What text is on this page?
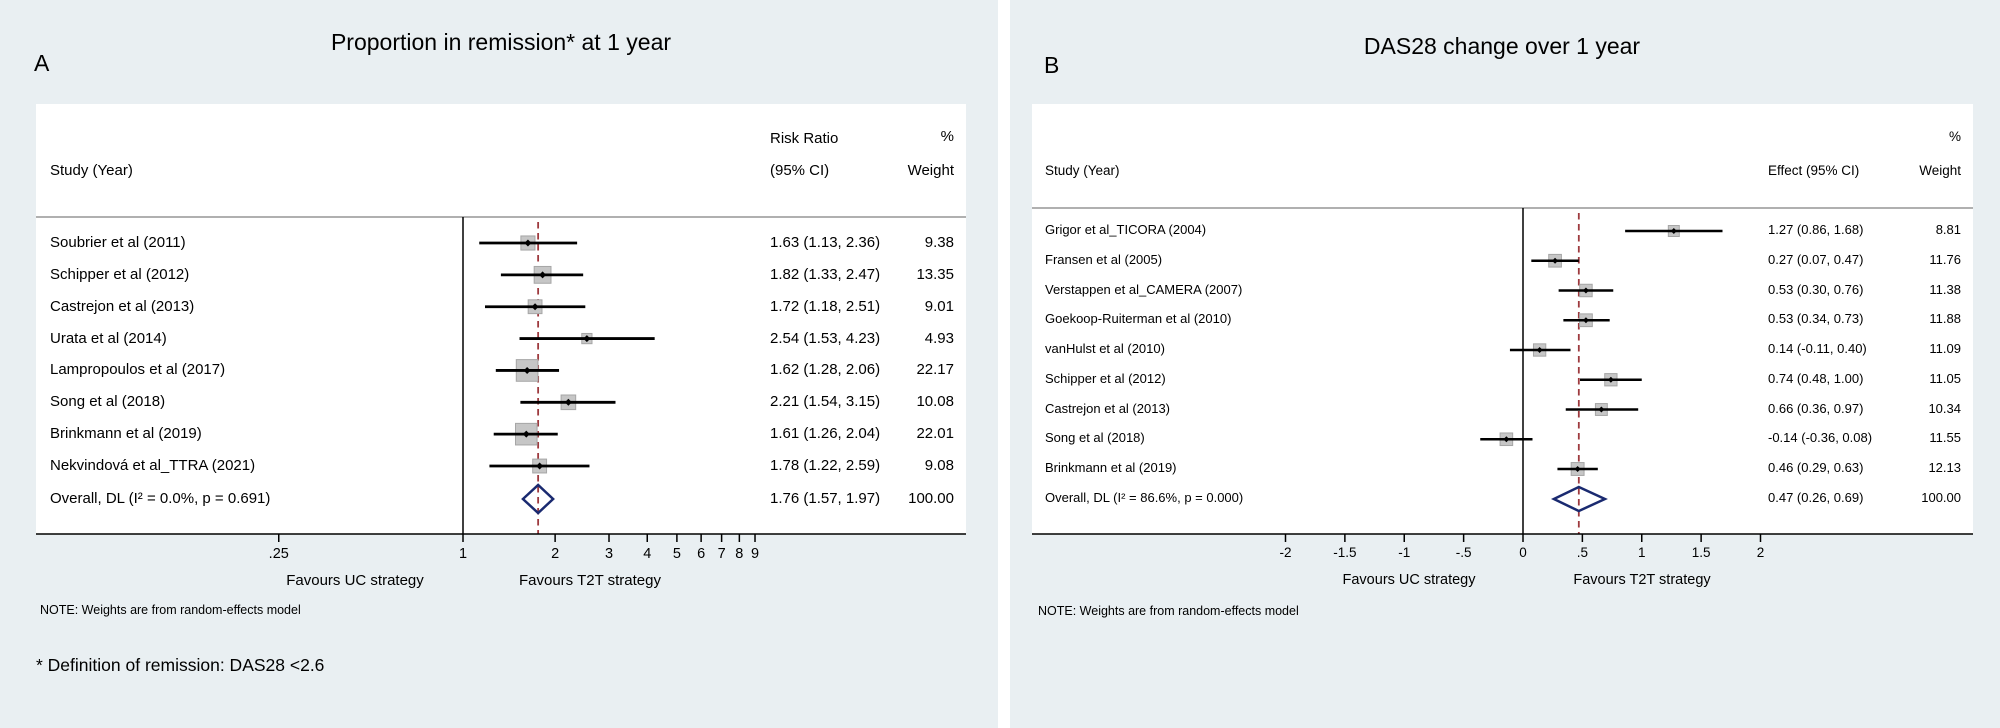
Proportion in remission* at 1 year
A
Study (Year)
Risk Ratio
(95% CI)
%
Weight
Favours UC strategy	Favours T2T strategy
NOTE: Weights are from random-effects model
* Definition of remission: DAS28 <2.6
DAS28 change over 1 year
B
Study (Year)	Effect (95% CI)
%
Weight
Favours UC strategy	Favours T2T strategy
NOTE: Weights are from random-effects model
.25	1	2	3 4 5 6 7 8 9
Soubrier et al (2011)	1.63 (1.13, 2.36)	9.38
Schipper et al (2012)	1.82 (1.33, 2.47)	13.35
Castrejon et al (2013)	1.72 (1.18, 2.51)	9.01
Urata et al (2014)	2.54 (1.53, 4.23)	4.93
Lampropoulos et al (2017)	1.62 (1.28, 2.06)	22.17
Song et al (2018)	2.21 (1.54, 3.15)	10.08
Brinkmann et al (2019)	1.61 (1.26, 2.04)	22.01
Nekvindová et al_TTRA (2021)	1.78 (1.22, 2.59)	9.08
Overall, DL (I² = 0.0%, p = 0.691)	1.76 (1.57, 1.97)	100.00
-2	-1.5	-1	-.5	0	.5	1	1.5	2
Grigor et al_TICORA (2004)	1.27 (0.86, 1.68)	8.81
Fransen et al (2005)	0.27 (0.07, 0.47)	11.76
Verstappen et al_CAMERA (2007)	0.53 (0.30, 0.76)	11.38
Goekoop-Ruiterman et al (2010)	0.53 (0.34, 0.73)	11.88
vanHulst et al (2010)	0.14 (-0.11, 0.40)	11.09
Schipper et al (2012)	0.74 (0.48, 1.00)	11.05
Castrejon et al (2013)	0.66 (0.36, 0.97)	10.34
Song et al (2018)	-0.14 (-0.36, 0.08)	11.55
Brinkmann et al (2019)	0.46 (0.29, 0.63)	12.13
Overall, DL (I² = 86.6%, p = 0.000)	0.47 (0.26, 0.69)	100.00
